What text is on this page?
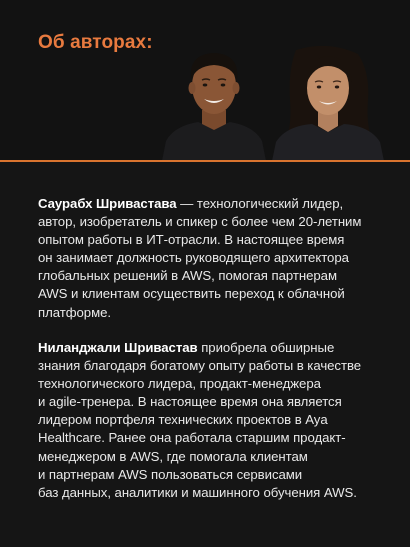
Об авторах:

Саурабх Шривастава — технологический лидер,
автор, изобретатель и спикер с более чем 20-летним
опытом работы в ИТ-отрасли. В настоящее время
он занимает должность руководящего архитектора
глобальных решений в AWS, помогая партнерам
AWS и клиентам осуществить переход к облачной
платформе.

Ниланджали Шривастав приобрела обширные
знания благодаря богатому опыту работы в качестве
технологического лидера, продакт-менеджера
и agile-тренера. В настоящее время она является
лидером портфеля технических проектов в Aya
Healthcare. Ранее она работала старшим продакт-
менеджером в AWS, где помогала клиентам
и партнерам AWS пользоваться сервисами
баз данных, аналитики и машинного обучения AWS.
